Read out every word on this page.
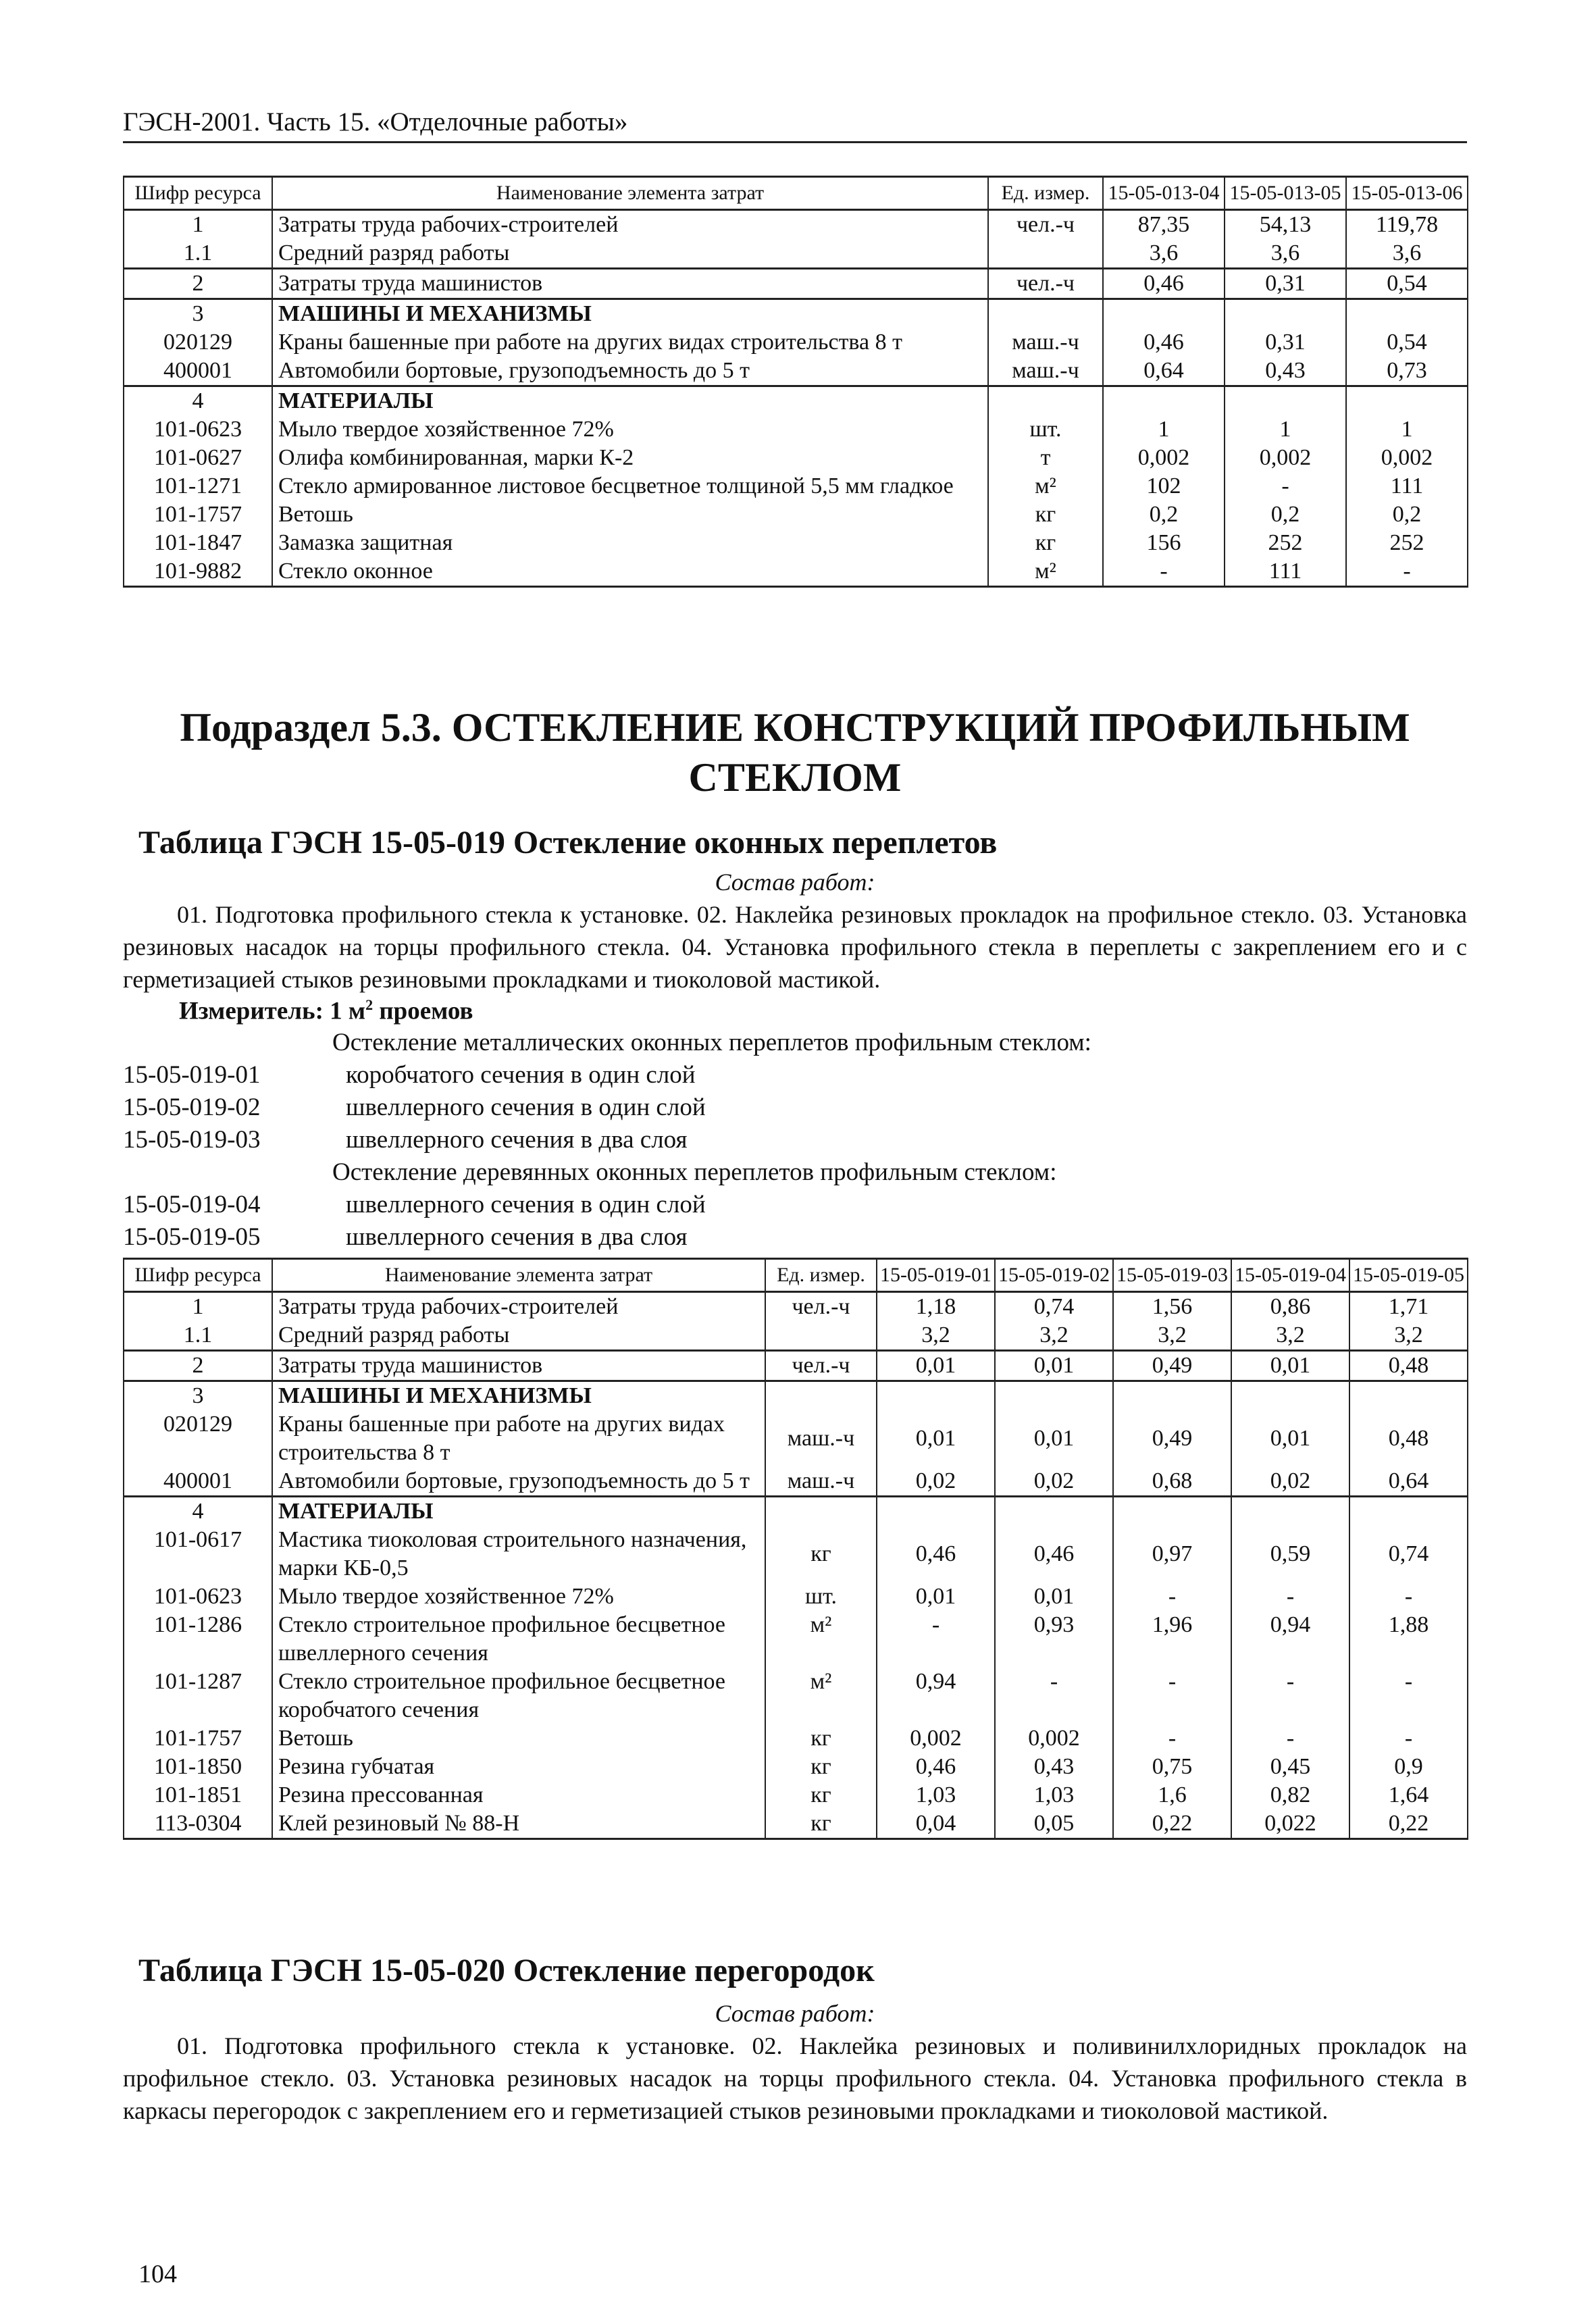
ГЭСН-2001. Часть 15. «Отделочные работы»
Шифр ресурса	Наименование элемента затрат	Ед. измер.	15-05-013-04	15-05-013-05	15-05-013-06
1	Затраты труда рабочих-строителей	чел.-ч	87,35	54,13	119,78
1.1	Средний разряд работы		3,6	3,6	3,6
2	Затраты труда машинистов	чел.-ч	0,46	0,31	0,54
3	МАШИНЫ И МЕХАНИЗМЫ				
020129	Краны башенные при работе на других видах строительства 8 т	маш.-ч	0,46	0,31	0,54
400001	Автомобили бортовые, грузоподъемность до 5 т	маш.-ч	0,64	0,43	0,73
4	МАТЕРИАЛЫ				
101-0623	Мыло твердое хозяйственное 72%	шт.	1	1	1
101-0627	Олифа комбинированная, марки К-2	т	0,002	0,002	0,002
101-1271	Стекло армированное листовое бесцветное толщиной 5,5 мм гладкое	м²	102	-	111
101-1757	Ветошь	кг	0,2	0,2	0,2
101-1847	Замазка защитная	кг	156	252	252
101-9882	Стекло оконное	м²	-	111	-
Подраздел 5.3. ОСТЕКЛЕНИЕ КОНСТРУКЦИЙ ПРОФИЛЬНЫМ СТЕКЛОМ
Таблица ГЭСН 15-05-019 Остекление оконных переплетов
Состав работ:
01. Подготовка профильного стекла к установке. 02. Наклейка резиновых прокладок на профильное стекло. 03. Установка резиновых насадок на торцы профильного стекла. 04. Установка профильного стекла в переплеты с закреплением его и с герметизацией стыков резиновыми прокладками и тиоколовой мастикой.
Измеритель: 1 $м^2$ проемов
Остекление металлических оконных переплетов профильным стеклом:
15-05-019-01	коробчатого сечения в один слой
15-05-019-02	швеллерного сечения в один слой
15-05-019-03	швеллерного сечения в два слоя
Остекление деревянных оконных переплетов профильным стеклом:
15-05-019-04	швеллерного сечения в один слой
15-05-019-05	швеллерного сечения в два слоя
Шифр ресурса	Наименование элемента затрат	Ед. измер.	15-05-019-01	15-05-019-02	15-05-019-03	15-05-019-04	15-05-019-05
1	Затраты труда рабочих-строителей	чел.-ч	1,18	0,74	1,56	0,86	1,71
1.1	Средний разряд работы		3,2	3,2	3,2	3,2	3,2
2	Затраты труда машинистов	чел.-ч	0,01	0,01	0,49	0,01	0,48
3	МАШИНЫ И МЕХАНИЗМЫ						
020129	Краны башенные при работе на других видах строительства 8 т	маш.-ч	0,01	0,01	0,49	0,01	0,48
400001	Автомобили бортовые, грузоподъемность до 5 т	маш.-ч	0,02	0,02	0,68	0,02	0,64
4	МАТЕРИАЛЫ						
101-0617	Мастика тиоколовая строительного назначения, марки КБ-0,5	кг	0,46	0,46	0,97	0,59	0,74
101-0623	Мыло твердое хозяйственное 72%	шт.	0,01	0,01	-	-	-
101-1286	Стекло строительное профильное бесцветное швеллерного сечения	м²	-	0,93	1,96	0,94	1,88
101-1287	Стекло строительное профильное бесцветное коробчатого сечения	м²	0,94	-	-	-	-
101-1757	Ветошь	кг	0,002	0,002	-	-	-
101-1850	Резина губчатая	кг	0,46	0,43	0,75	0,45	0,9
101-1851	Резина прессованная	кг	1,03	1,03	1,6	0,82	1,64
113-0304	Клей резиновый № 88-Н	кг	0,04	0,05	0,22	0,022	0,22
Таблица ГЭСН 15-05-020 Остекление перегородок
Состав работ:
01. Подготовка профильного стекла к установке. 02. Наклейка резиновых и поливинилхлоридных прокладок на профильное стекло. 03. Установка резиновых насадок на торцы профильного стекла. 04. Установка профильного стекла в каркасы перегородок с закреплением его и герметизацией стыков резиновыми прокладками и тиоколовой мастикой.
104
